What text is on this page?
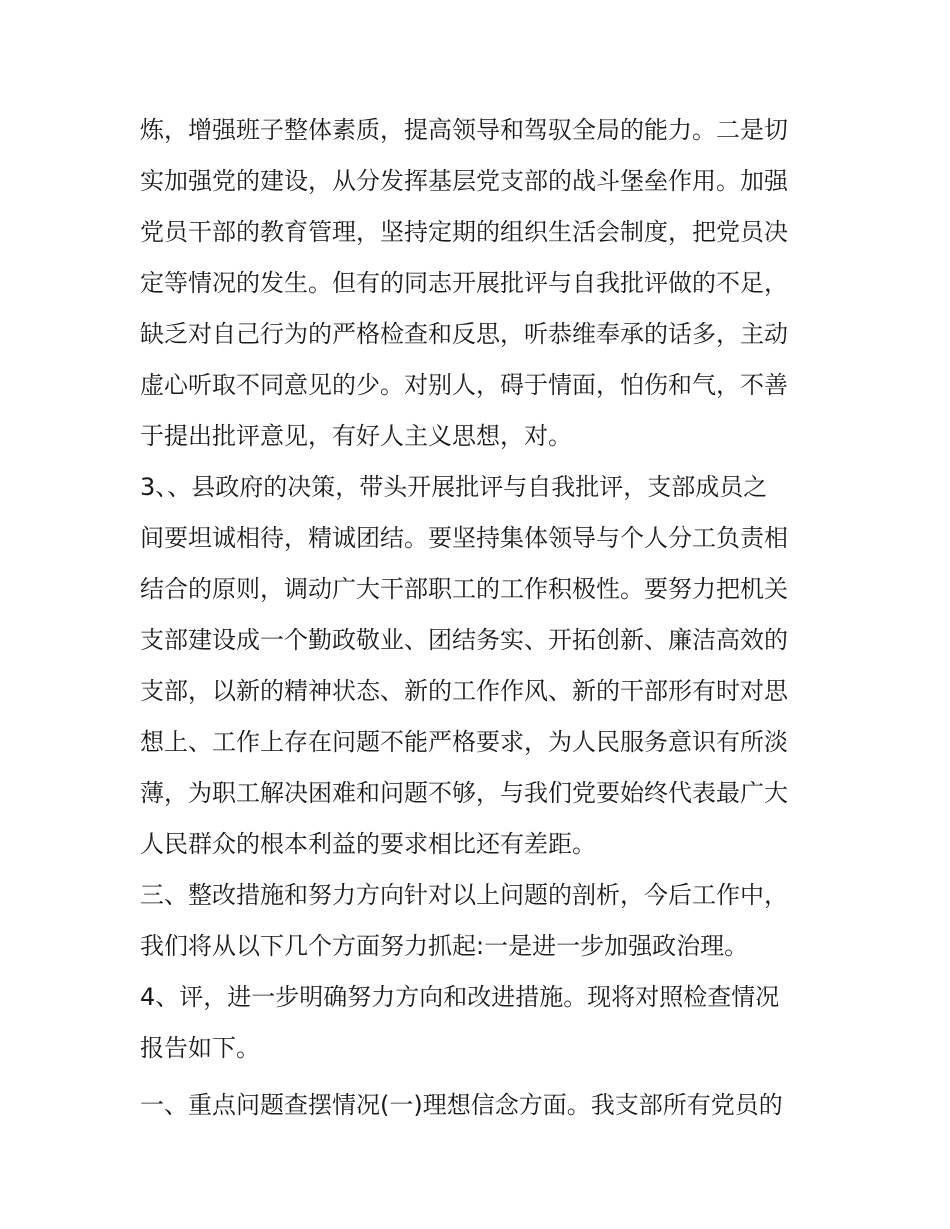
炼，增强班子整体素质，提高领导和驾驭全局的能力。二是切
实加强党的建设，从分发挥基层党支部的战斗堡垒作用。加强
党员干部的教育管理，坚持定期的组织生活会制度，把党员决
定等情况的发生。但有的同志开展批评与自我批评做的不足，
缺乏对自己行为的严格检查和反思，听恭维奉承的话多，主动
虚心听取不同意见的少。对别人，碍于情面，怕伤和气，不善
于提出批评意见，有好人主义思想，对。
3、、县政府的决策，带头开展批评与自我批评，支部成员之
间要坦诚相待，精诚团结。要坚持集体领导与个人分工负责相
结合的原则，调动广大干部职工的工作积极性。要努力把机关
支部建设成一个勤政敬业、团结务实、开拓创新、廉洁高效的
支部，以新的精神状态、新的工作作风、新的干部形有时对思
想上、工作上存在问题不能严格要求，为人民服务意识有所淡
薄，为职工解决困难和问题不够，与我们党要始终代表最广大
人民群众的根本利益的要求相比还有差距。
三、整改措施和努力方向针对以上问题的剖析，今后工作中，
我们将从以下几个方面努力抓起:一是进一步加强政治理。
4、评，进一步明确努力方向和改进措施。现将对照检查情况
报告如下。
一、重点问题查摆情况(一)理想信念方面。我支部所有党员的
